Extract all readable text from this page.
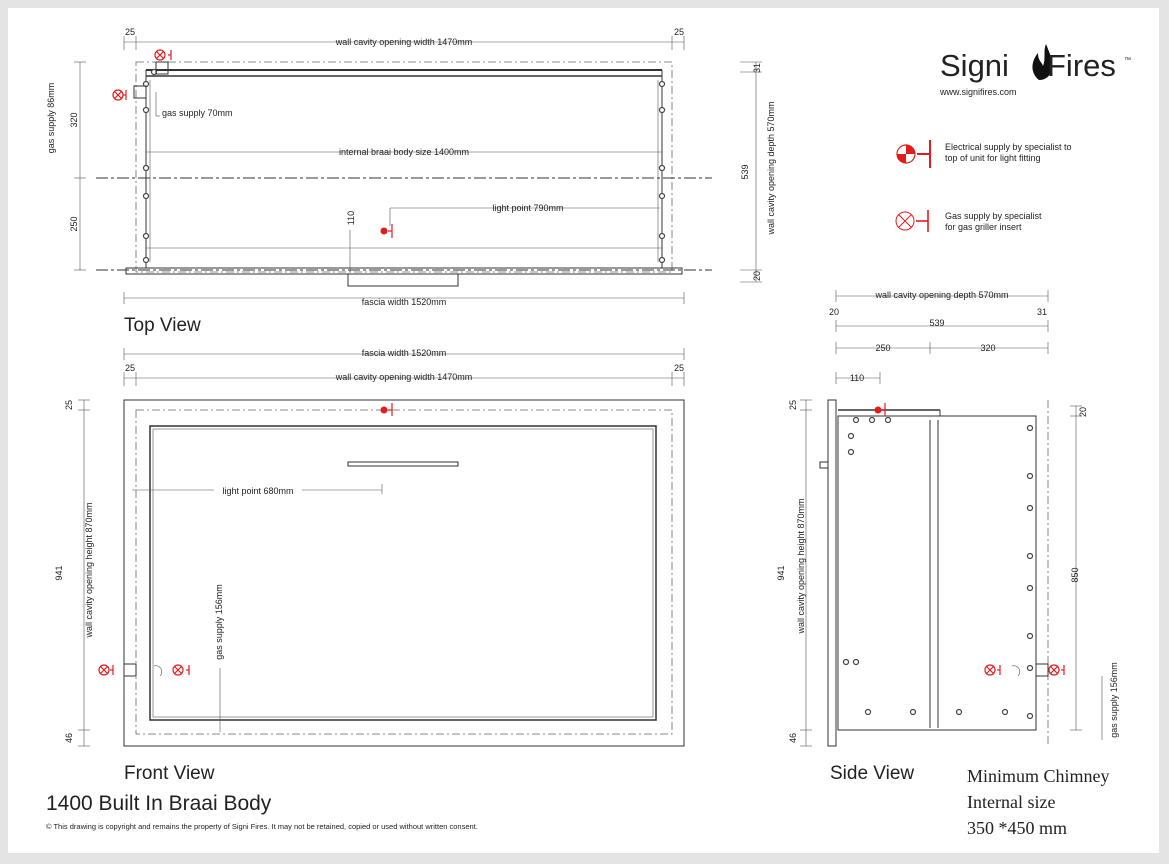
25	25
wall cavity opening width 1470mm
gas supply 70mm
internal braai body size 1400mm
light point 790mm
110
fascia width 1520mm
gas supply 86mm 320
250
31
539
20
wall cavity opening depth 570mm
Top View
fascia width 1520mm
25	25
wall cavity opening width 1470mm
light point 680mm
gas supply 156mm
25
941 wall cavity opening height 870mm
46
Front View
wall cavity opening depth 570mm
20
539
31
250	320
110
25
941 wall cavity opening height 870mm
46
20
850
gas supply 156mm
Side View
Signi Fires ™
www.signifires.com
Electrical supply by specialist to top of unit for light fitting
Gas supply by specialist for gas griller insert
1400 Built In Braai Body
© This drawing is copyright and remains the property of Signi Fires. It may not be retained, copied or used without written consent.
Minimum Chimney
Internal size
350 *450 mm
